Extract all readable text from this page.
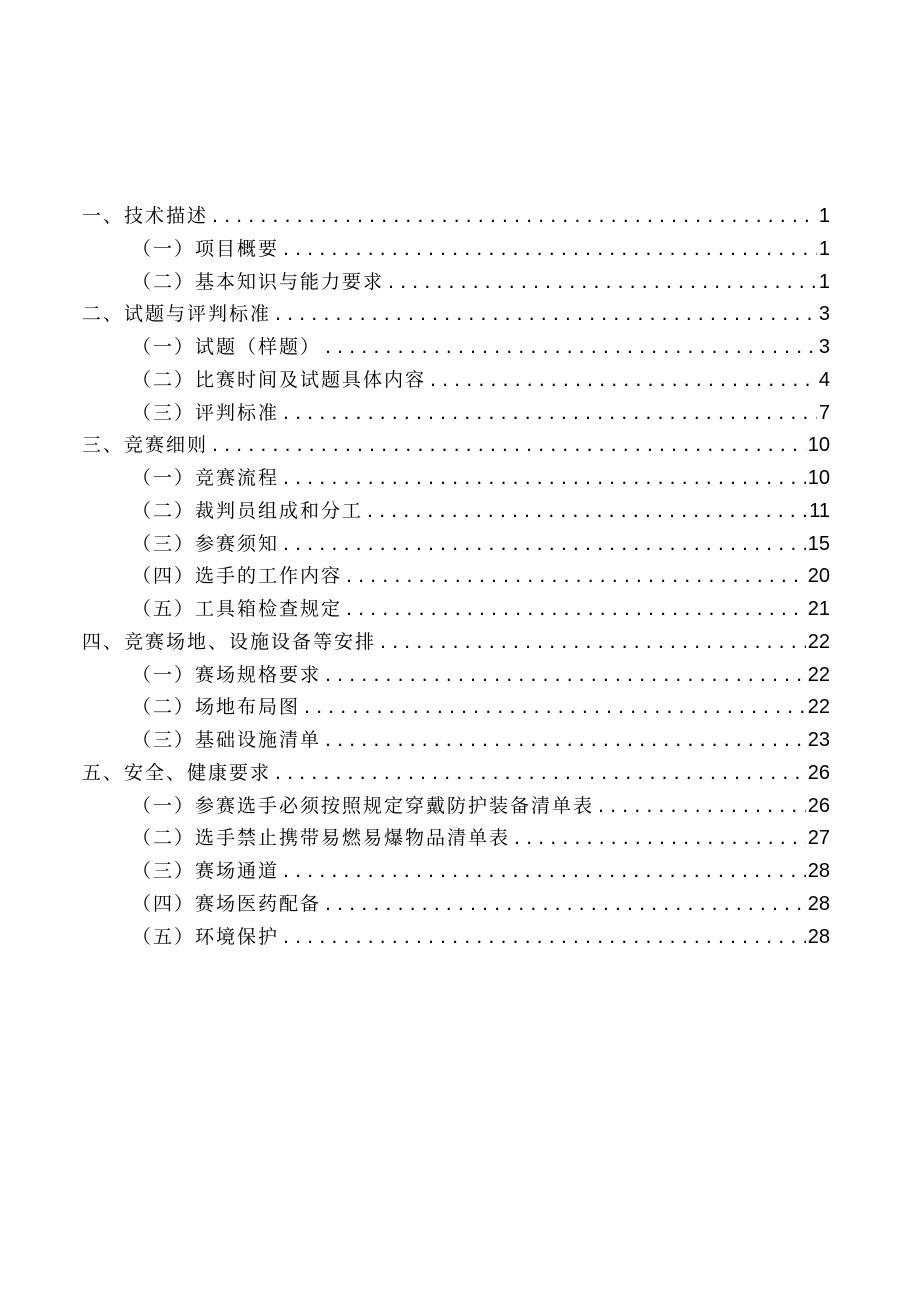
一、技术描述 . . .	1
（一）项目概要 . . .	1
（二）基本知识与能力要求 . . .	1
二、试题与评判标准 . . .	3
（一）试题（样题） . . .	3
（二）比赛时间及试题具体内容 . . .	4
（三）评判标准 . . .	7
三、竞赛细则 . . .	10
（一）竞赛流程 . . .	10
（二）裁判员组成和分工 . . .	11
（三）参赛须知 . . .	15
（四）选手的工作内容 . . .	20
（五）工具箱检查规定 . . .	21
四、竞赛场地、设施设备等安排 . . .	22
（一）赛场规格要求 . . .	22
（二）场地布局图 . . .	22
（三）基础设施清单 . . .	23
五、安全、健康要求 . . .	26
（一）参赛选手必须按照规定穿戴防护装备清单表 . . .	26
（二）选手禁止携带易燃易爆物品清单表 . . .	27
（三）赛场通道 . . .	28
（四）赛场医药配备 . . .	28
（五）环境保护 . . .	28
